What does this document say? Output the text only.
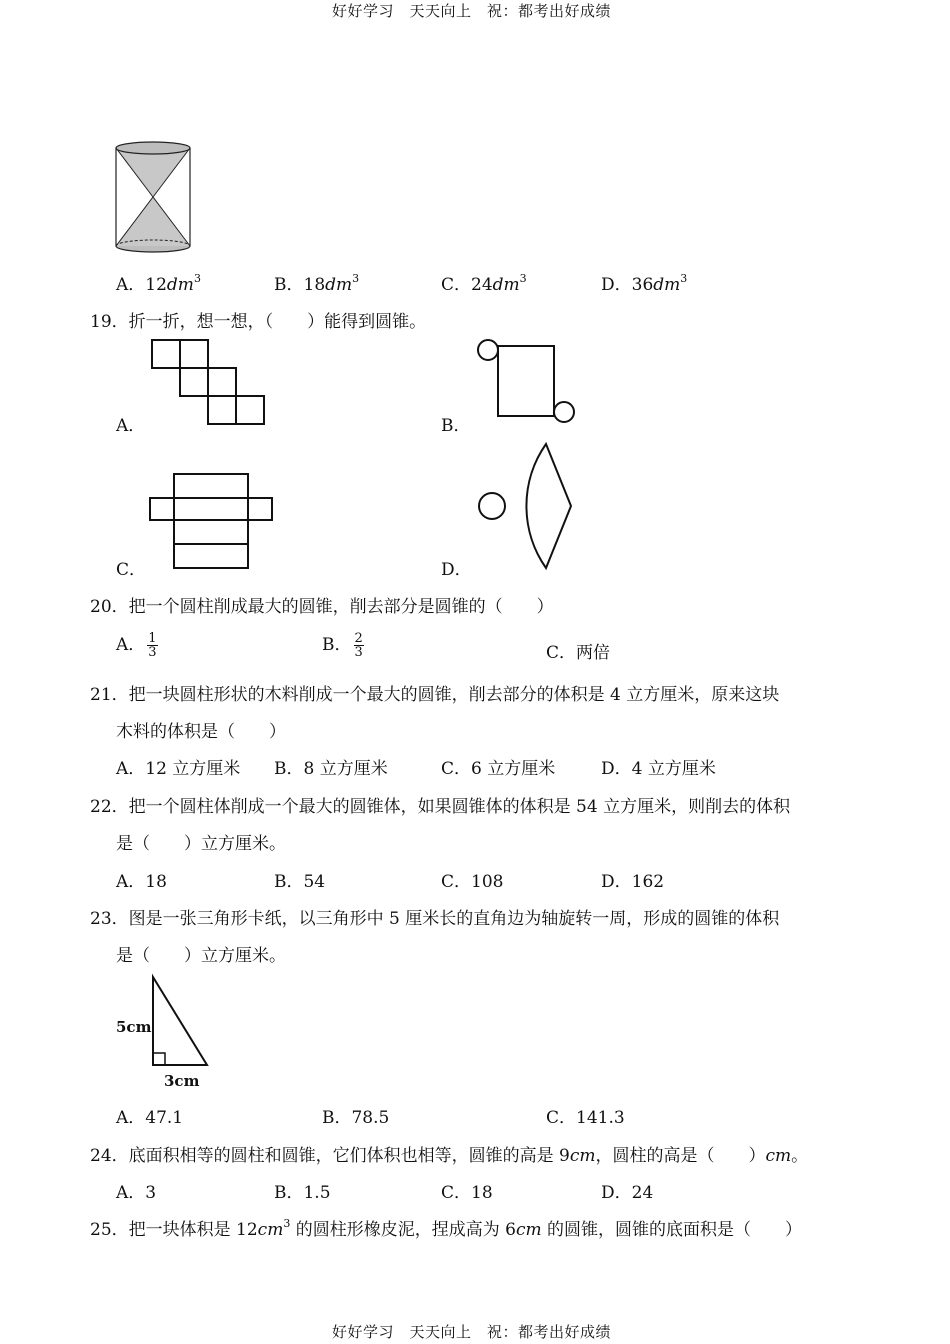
好好学习　天天向上　祝：都考出好成绩
A．$12dm^3$	B．$18dm^3$	C．$24dm^3$	D．$36dm^3$
19．折一折，想一想，（　　）能得到圆锥。
A．	B．
C．	D．
20．把一个圆柱削成最大的圆锥，削去部分是圆锥的（　　）
A． $\frac{1}{3}$	B． $\frac{2}{3}$	C．两倍
21．把一块圆柱形状的木料削成一个最大的圆锥，削去部分的体积是 4 立方厘米，原来这块
木料的体积是（　　）
A．12 立方厘米 B．8 立方厘米	C．6 立方厘米	D．4 立方厘米
22．把一个圆柱体削成一个最大的圆锥体，如果圆锥体的体积是 54 立方厘米，则削去的体积
是（　　）立方厘米。
A．18	B．54	C．108	D．162
23．图是一张三角形卡纸，以三角形中 5 厘米长的直角边为轴旋转一周，形成的圆锥的体积
是（　　）立方厘米。
5cm
3cm
A．47.1	B．78.5	C．141.3
24．底面积相等的圆柱和圆锥，它们体积也相等，圆锥的高是 9cm，圆柱的高是（　　）cm。
A．3	B．1.5	C．18	D．24
25．把一块体积是 $12cm^3$ 的圆柱形橡皮泥，捏成高为 6cm 的圆锥，圆锥的底面积是（　　）
好好学习　天天向上　祝：都考出好成绩
